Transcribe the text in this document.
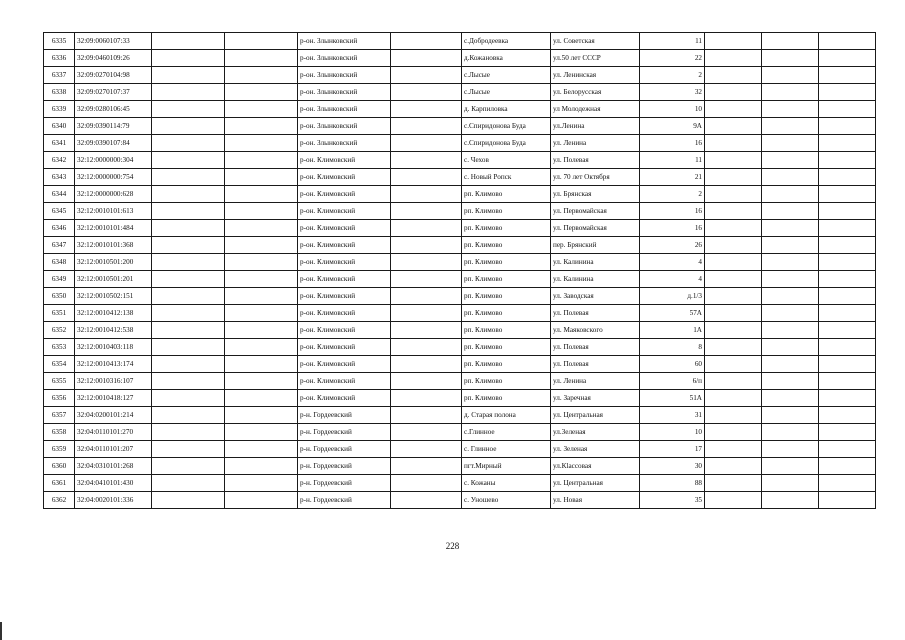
6335	32:09:0060107:33			р-он. Злынковский		с.Добродеевка	ул. Советская	11			
6336	32:09:0460109:26			р-он. Злынковский		д.Кожановка	ул.50 лет СССР	22			
6337	32:09:0270104:98			р-он. Злынковский		с.Лысые	ул. Ленинская	2			
6338	32:09:0270107:37			р-он. Злынковский		с.Лысые	ул. Белорусская	32			
6339	32:09:0280106:45			р-он. Злынковский		д. Карпиловка	ул Молодежная	10			
6340	32:09:0390114:79			р-он. Злынковский		с.Спиридонова Буда	ул.Ленина	9А			
6341	32:09:0390107:84			р-он. Злынковский		с.Спиридонова Буда	ул. Ленина	16			
6342	32:12:0000000:304			р-он. Климовский		с. Чехов	ул. Полевая	11			
6343	32:12:0000000:754			р-он. Климовский		с. Новый Ропск	ул. 70 лет Октября	21			
6344	32:12:0000000:628			р-он. Климовский		рп. Климово	ул. Брянская	2			
6345	32:12:0010101:613			р-он. Климовский		рп. Климово	ул. Первомайская	16			
6346	32:12:0010101:484			р-он. Климовский		рп. Климово	ул. Первомайская	16			
6347	32:12:0010101:368			р-он. Климовский		рп. Климово	пер. Брянский	26			
6348	32:12:0010501:200			р-он. Климовский		рп. Климово	ул. Калинина	4			
6349	32:12:0010501:201			р-он. Климовский		рп. Климово	ул. Калинина	4			
6350	32:12:0010502:151			р-он. Климовский		рп. Климово	ул. Заводская	д.1/3			
6351	32:12:0010412:138			р-он. Климовский		рп. Климово	ул. Полевая	57А			
6352	32:12:0010412:538			р-он. Климовский		рп. Климово	ул. Маяковского	1А			
6353	32:12:0010403:118			р-он. Климовский		рп. Климово	ул. Полевая	8			
6354	32:12:0010413:174			р-он. Климовский		рп. Климово	ул. Полевая	60			
6355	32:12:0010316:107			р-он. Климовский		рп. Климово	ул. Ленина	6/п			
6356	32:12:0010418:127			р-он. Климовский		рп. Климово	ул. Заречная	51А			
6357	32:04:0200101:214			р-н. Гордеевский		д. Старая полона	ул. Центральная	31			
6358	32:04:0110101:270			р-н. Гордеевский		с.Глинное	ул.Зеленая	10			
6359	32:04:0110101:207			р-н. Гордеевский		с. Глинное	ул. Зеленая	17			
6360	32:04:0310101:268			р-н. Гордеевский		пгт.Мирный	ул.Кlассовая	30			
6361	32:04:0410101:430			р-н. Гордеевский		с. Кожаны	ул. Центральная	88			
6362	32:04:0020101:336			р-н. Гордеевский		с. Уношево	ул. Новая	35			
228
